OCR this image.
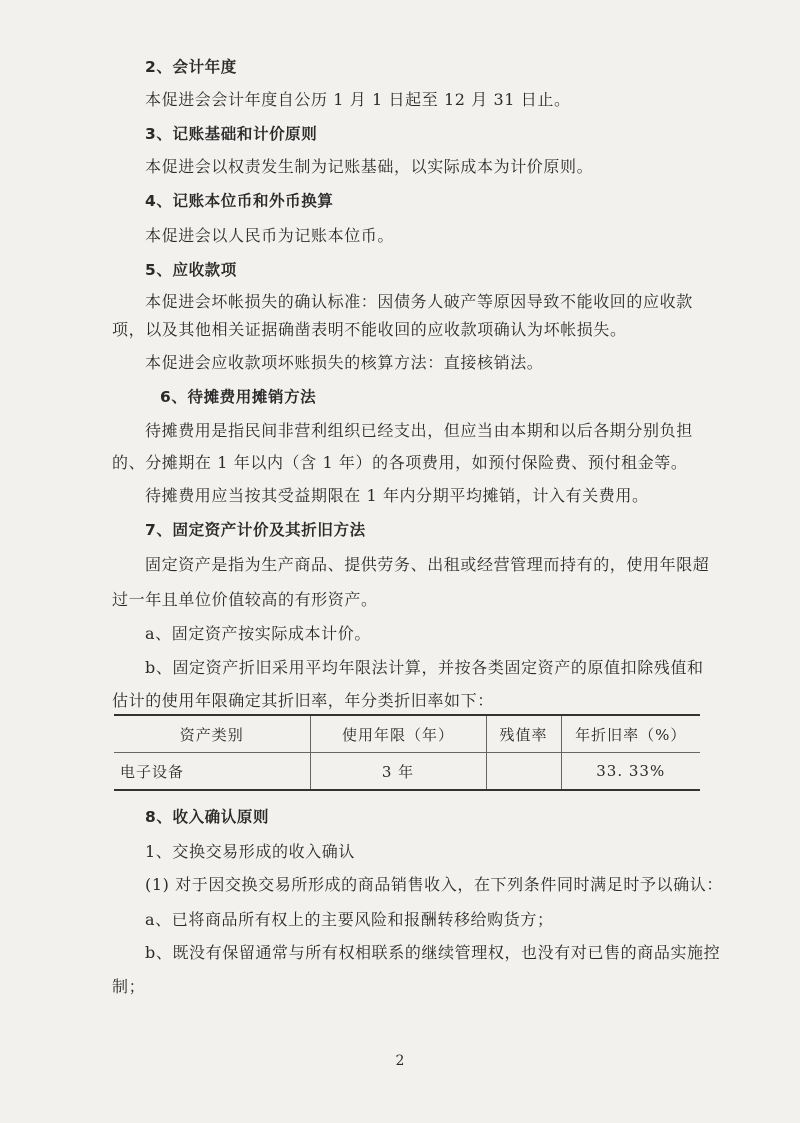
2、会计年度
本促进会会计年度自公历 1 月 1 日起至 12 月 31 日止。
3、记账基础和计价原则
本促进会以权责发生制为记账基础，以实际成本为计价原则。
4、记账本位币和外币换算
本促进会以人民币为记账本位币。
5、应收款项
本促进会坏帐损失的确认标准：因债务人破产等原因导致不能收回的应收款
项，以及其他相关证据确凿表明不能收回的应收款项确认为坏帐损失。
本促进会应收款项坏账损失的核算方法：直接核销法。
6、待摊费用摊销方法
待摊费用是指民间非营利组织已经支出，但应当由本期和以后各期分别负担
的、分摊期在 1 年以内（含 1 年）的各项费用，如预付保险费、预付租金等。
待摊费用应当按其受益期限在 1 年内分期平均摊销，计入有关费用。
7、固定资产计价及其折旧方法
固定资产是指为生产商品、提供劳务、出租或经营管理而持有的，使用年限超
过一年且单位价值较高的有形资产。
a、固定资产按实际成本计价。
b、固定资产折旧采用平均年限法计算，并按各类固定资产的原值扣除残值和
估计的使用年限确定其折旧率，年分类折旧率如下：
资产类别	使用年限（年）	残值率	年折旧率（%）
电子设备	3 年		33. 33%
8、收入确认原则
1、交换交易形成的收入确认
(1) 对于因交换交易所形成的商品销售收入，在下列条件同时满足时予以确认：
a、已将商品所有权上的主要风险和报酬转移给购货方；
b、既没有保留通常与所有权相联系的继续管理权，也没有对已售的商品实施控
制；
2
